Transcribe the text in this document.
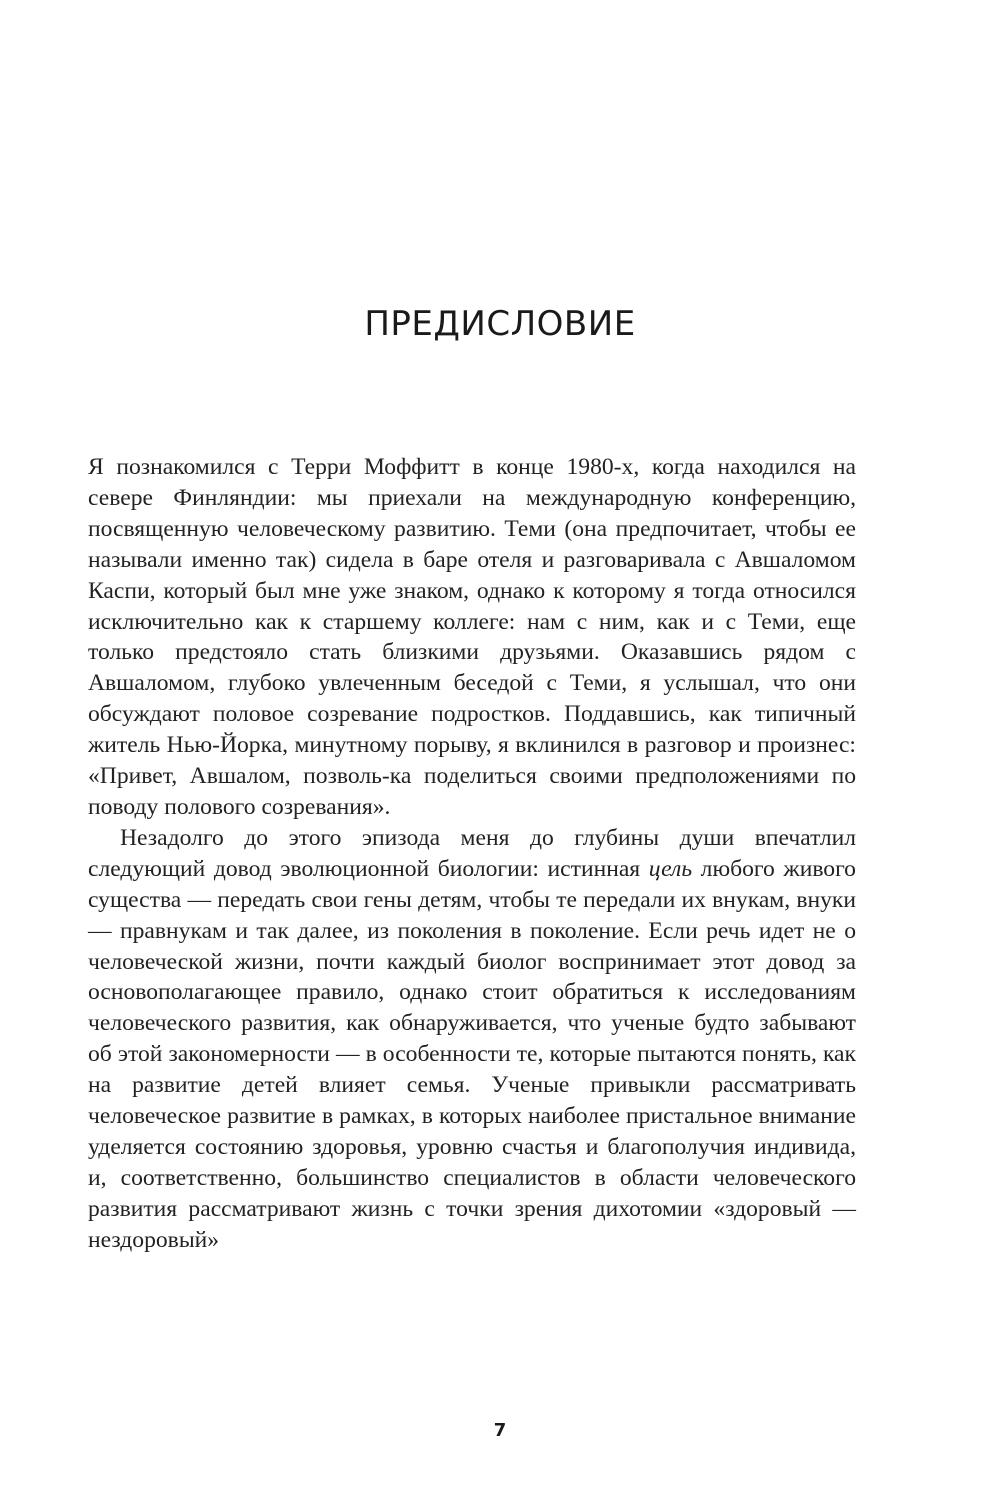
ПРЕДИСЛОВИЕ

Я познакомился с Терри Моффитт в конце 1980-х, когда находился на севере Финляндии: мы приехали на международную конференцию, посвященную человеческому развитию. Теми (она предпочитает, чтобы ее называли именно так) сидела в баре отеля и разговаривала с Авшаломом Каспи, который был мне уже знаком, однако к которому я тогда относился исключительно как к старшему коллеге: нам с ним, как и с Теми, еще только предстояло стать близкими друзьями. Оказавшись рядом с Авшаломом, глубоко увлеченным беседой с Теми, я услышал, что они обсуждают половое созревание подростков. Поддавшись, как типичный житель Нью-Йорка, минутному порыву, я вклинился в разговор и произнес: «Привет, Авшалом, позволь-ка поделиться своими предположениями по поводу полового созревания».

Незадолго до этого эпизода меня до глубины души впечатлил следующий довод эволюционной биологии: истинная цель любого живого существа — передать свои гены детям, чтобы те передали их внукам, внуки — правнукам и так далее, из поколения в поколение. Если речь идет не о человеческой жизни, почти каждый биолог воспринимает этот довод за основополагающее правило, однако стоит обратиться к исследованиям человеческого развития, как обнаруживается, что ученые будто забывают об этой закономерности — в особенности те, которые пытаются понять, как на развитие детей влияет семья. Ученые привыкли рассматривать человеческое развитие в рамках, в которых наиболее пристальное внимание уделяется состоянию здоровья, уровню счастья и благополучия индивида, и, соответственно, большинство специалистов в области человеческого развития рассматривают жизнь с точки зрения дихотомии «здоровый — нездоровый»

7
